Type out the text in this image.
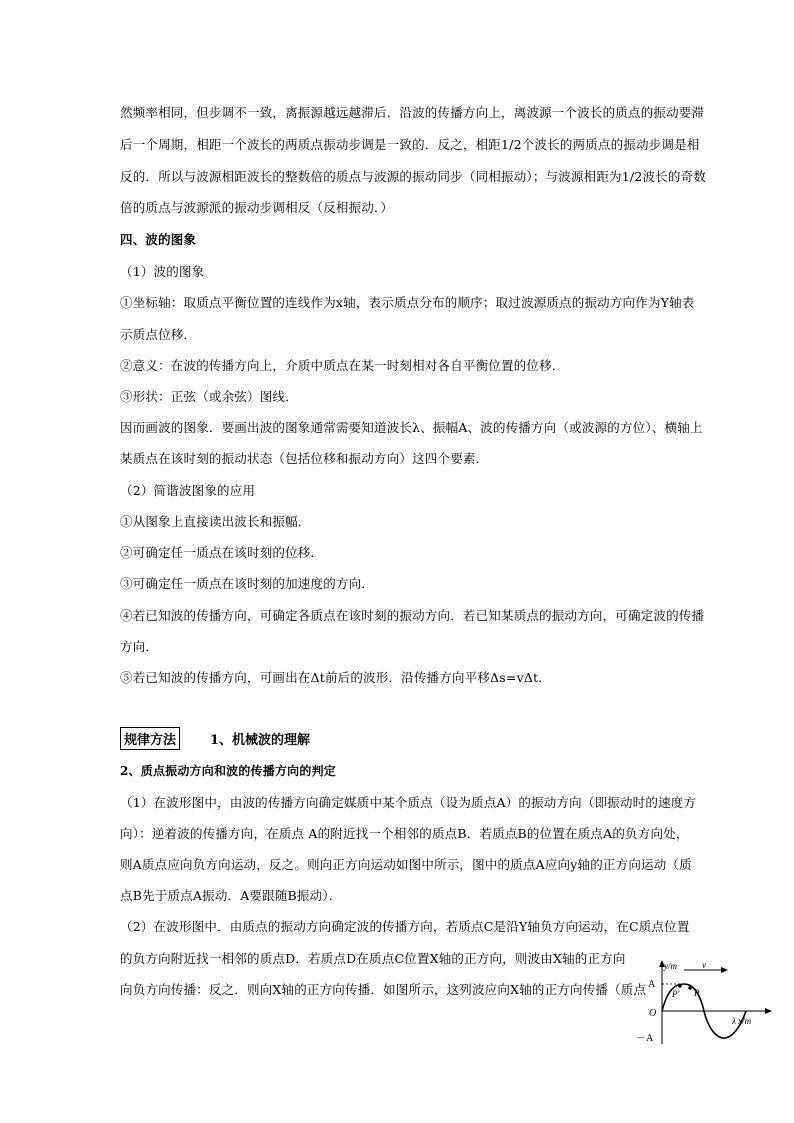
然频率相同，但步调不一致，离振源越远越滞后．沿波的传播方向上，离波源一个波长的质点的振动要滞
后一个周期，相距一个波长的两质点振动步调是一致的．反之，相距1/2个波长的两质点的振动步调是相
反的．所以与波源相距波长的整数倍的质点与波源的振动同步（同相振动）；与波源相距为1/2波长的奇数
倍的质点与波源派的振动步调相反（反相振动．）
四、波的图象
（1）波的图象
①坐标轴：取质点平衡位置的连线作为x轴，表示质点分布的顺序；取过波源质点的振动方向作为Y轴表
示质点位移．
②意义：在波的传播方向上，介质中质点在某一时刻相对各自平衡位置的位移．
③形状：正弦（或余弦）图线．
因而画波的图象．要画出波的图象通常需要知道波长λ、振幅A、波的传播方向（或波源的方位）、横轴上
某质点在该时刻的振动状态（包括位移和振动方向）这四个要素．
（2）简谐波图象的应用
①从图象上直接读出波长和振幅．
②可确定任一质点在该时刻的位移．
③可确定任一质点在该时刻的加速度的方向．
④若已知波的传播方向，可确定各质点在该时刻的振动方向．若已知某质点的振动方向，可确定波的传播
方向．
⑤若已知波的传播方向，可画出在Δt前后的波形．沿传播方向平移Δs=vΔt.
规律方法	1、机械波的理解
2、质点振动方向和波的传播方向的判定
（1）在波形图中，由波的传播方向确定媒质中某个质点（设为质点A）的振动方向（即振动时的速度方
向）：逆着波的传播方向，在质点 A的附近找一个相邻的质点B．若质点B的位置在质点A的负方向处，
则A质点应向负方向运动，反之。则向正方向运动如图中所示，图中的质点A应向y轴的正方向运动（质
点B先于质点A振动．A要跟随B振动）．
（2）在波形图中．由质点的振动方向确定波的传播方向，若质点C是沿Y轴负方向运动，在C质点位置
的负方向附近找一相邻的质点D．若质点D在质点C位置X轴的正方向，则波由X轴的正方向
向负方向传播：反之．则向X轴的正方向传播．如图所示，这列波应向X轴的正方向传播（质点
y/m	v
A
O
－A
P' P
λ x/m
